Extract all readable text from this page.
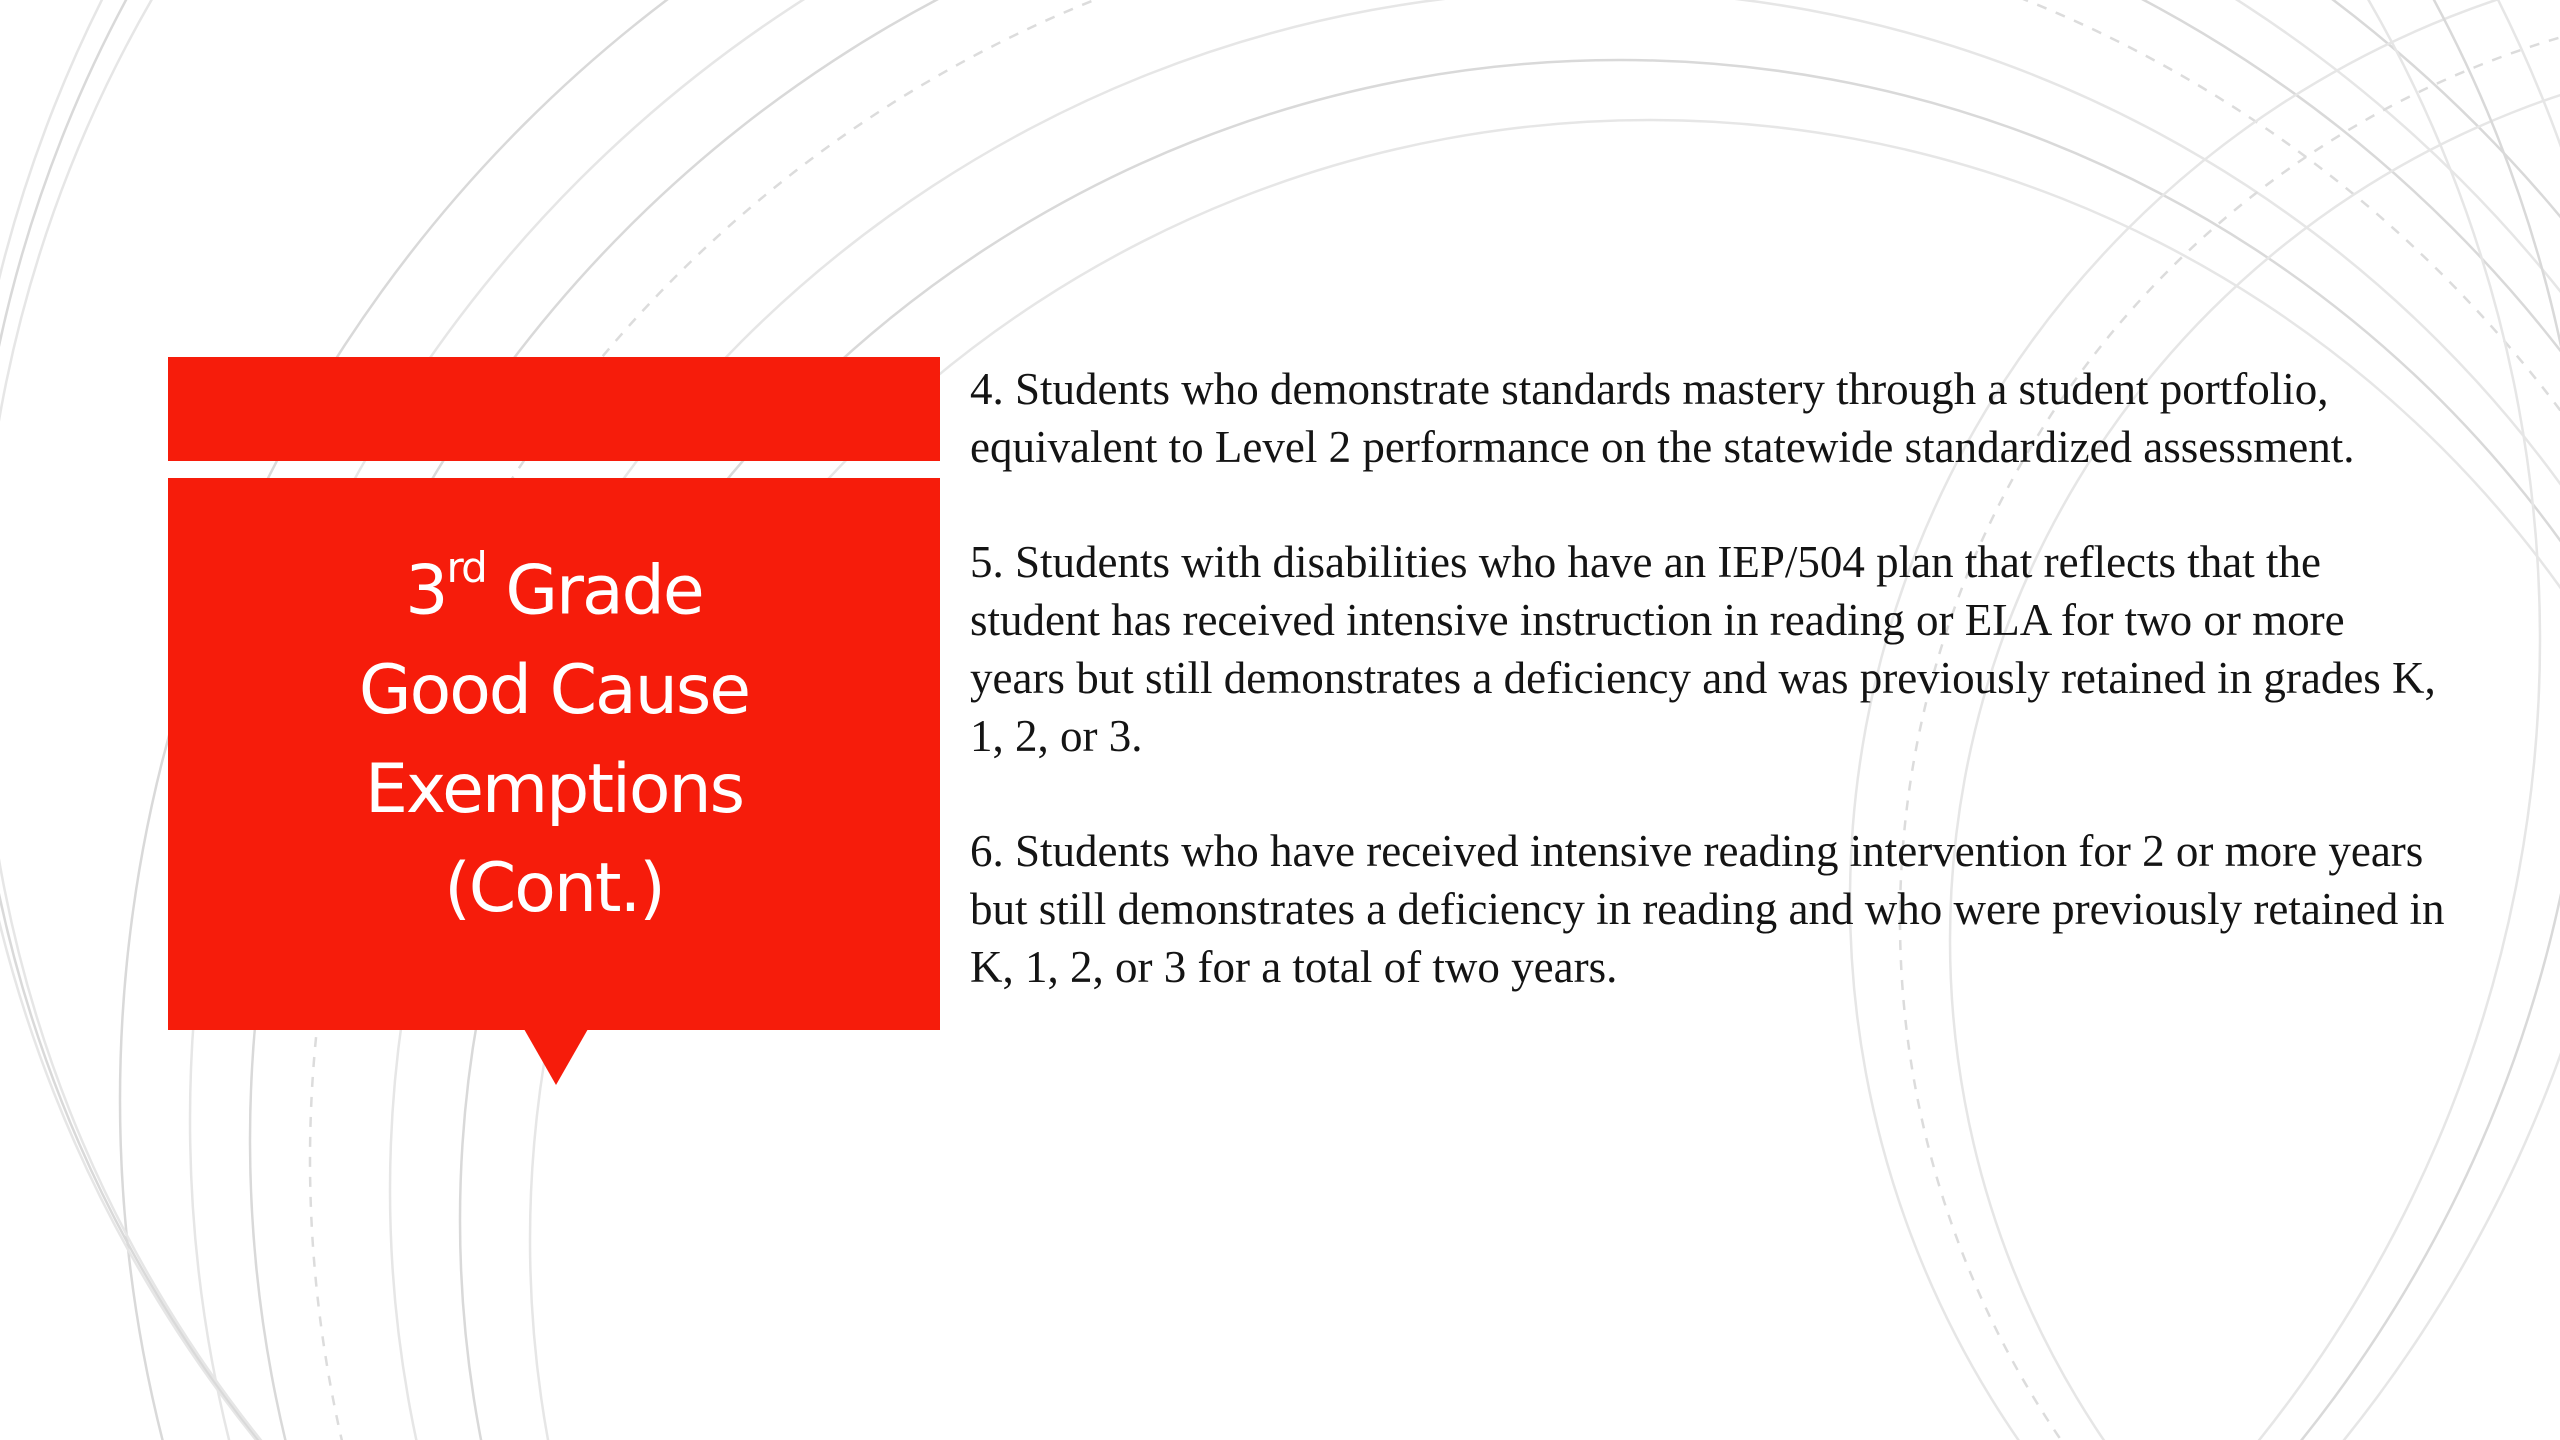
3rd Grade
Good Cause
Exemptions
(Cont.)

4. Students who demonstrate standards mastery through a student portfolio, equivalent to Level 2 performance on the statewide standardized assessment.

5. Students with disabilities who have an IEP/504 plan that reflects that the student has received intensive instruction in reading or ELA for two or more years but still demonstrates a deficiency and was previously retained in grades K, 1, 2, or 3.

6. Students who have received intensive reading intervention for 2 or more years but still demonstrates a deficiency in reading and who were previously retained in K, 1, 2, or 3 for a total of two years.
